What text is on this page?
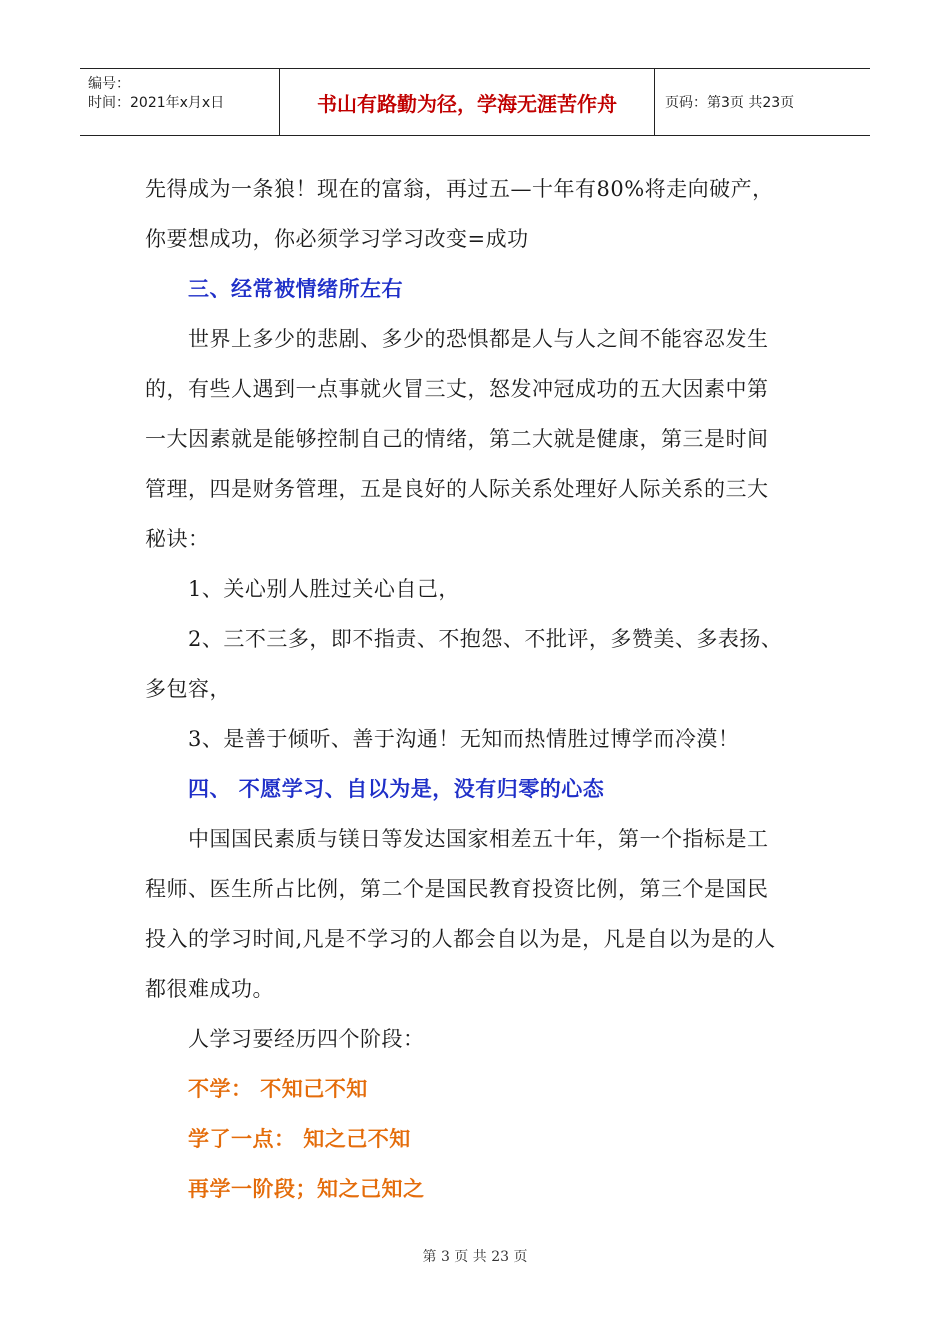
编号：
时间：2021年x月x日	书山有路勤为径，学海无涯苦作舟	页码：第3页 共23页
先得成为一条狼！现在的富翁，再过五—十年有80%将走向破产，
你要想成功，你必须学习学习改变=成功
三、经常被情绪所左右
世界上多少的悲剧、多少的恐惧都是人与人之间不能容忍发生
的，有些人遇到一点事就火冒三丈，怒发冲冠成功的五大因素中第
一大因素就是能够控制自己的情绪，第二大就是健康，第三是时间
管理，四是财务管理，五是良好的人际关系处理好人际关系的三大
秘诀：
1、关心别人胜过关心自己，
2、三不三多，即不指责、不抱怨、不批评，多赞美、多表扬、
多包容，
3、是善于倾听、善于沟通！无知而热情胜过博学而冷漠！
四、 不愿学习、自以为是，没有归零的心态
中国国民素质与镁日等发达国家相差五十年，第一个指标是工
程师、医生所占比例，第二个是国民教育投资比例，第三个是国民
投入的学习时间,凡是不学习的人都会自以为是，凡是自以为是的人
都很难成功。
人学习要经历四个阶段：
不学： 不知己不知
学了一点： 知之己不知
再学一阶段；知之己知之
第 3 页 共 23 页
